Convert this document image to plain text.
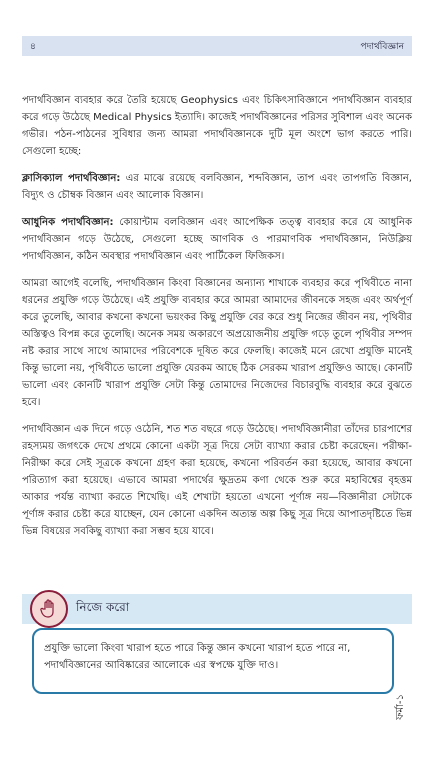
৪	পদার্থবিজ্ঞান

পদার্থবিজ্ঞান ব্যবহার করে তৈরি হয়েছে Geophysics এবং চিকিৎসাবিজ্ঞানে পদার্থবিজ্ঞান ব্যবহার করে গড়ে উঠেছে Medical Physics ইত্যাদি। কাজেই পদার্থবিজ্ঞানের পরিসর সুবিশাল এবং অনেক গভীর। পঠন-পাঠনের সুবিধার জন্য আমরা পদার্থবিজ্ঞানকে দুটি মূল অংশে ভাগ করতে পারি। সেগুলো হচ্ছে:

ক্লাসিক্যাল পদার্থবিজ্ঞান: এর মাঝে রয়েছে বলবিজ্ঞান, শব্দবিজ্ঞান, তাপ এবং তাপগতি বিজ্ঞান, বিদ্যুৎ ও চৌম্বক বিজ্ঞান এবং আলোক বিজ্ঞান।

আধুনিক পদার্থবিজ্ঞান: কোয়ান্টাম বলবিজ্ঞান এবং আপেক্ষিক তত্ত্ব ব্যবহার করে যে আধুনিক পদার্থবিজ্ঞান গড়ে উঠেছে, সেগুলো হচ্ছে আণবিক ও পারমাণবিক পদার্থবিজ্ঞান, নিউক্লিয় পদার্থবিজ্ঞান, কঠিন অবস্থার পদার্থবিজ্ঞান এবং পার্টিকেল ফিজিকস।

আমরা আগেই বলেছি, পদার্থবিজ্ঞান কিংবা বিজ্ঞানের অন্যান্য শাখাকে ব্যবহার করে পৃথিবীতে নানা ধরনের প্রযুক্তি গড়ে উঠেছে। এই প্রযুক্তি ব্যবহার করে আমরা আমাদের জীবনকে সহজ এবং অর্থপূর্ণ করে তুলেছি, আবার কখনো কখনো ভয়ংকর কিছু প্রযুক্তি বের করে শুধু নিজের জীবন নয়, পৃথিবীর অস্তিত্বও বিপন্ন করে তুলেছি। অনেক সময় অকারণে অপ্রয়োজনীয় প্রযুক্তি গড়ে তুলে পৃথিবীর সম্পদ নষ্ট করার সাথে সাথে আমাদের পরিবেশকে দূষিত করে ফেলছি। কাজেই মনে রেখো প্রযুক্তি মানেই কিন্তু ভালো নয়, পৃথিবীতে ভালো প্রযুক্তি যেরকম আছে ঠিক সেরকম খারাপ প্রযুক্তিও আছে। কোনটি ভালো এবং কোনটি খারাপ প্রযুক্তি সেটা কিন্তু তোমাদের নিজেদের বিচারবুদ্ধি ব্যবহার করে বুঝতে হবে।

পদার্থবিজ্ঞান এক দিনে গড়ে ওঠেনি, শত শত বছরে গড়ে উঠেছে। পদার্থবিজ্ঞানীরা তাঁদের চারপাশের রহস্যময় জগৎকে দেখে প্রথমে কোনো একটা সূত্র দিয়ে সেটা ব্যাখ্যা করার চেষ্টা করেছেন। পরীক্ষা-নিরীক্ষা করে সেই সূত্রকে কখনো গ্রহণ করা হয়েছে, কখনো পরিবর্তন করা হয়েছে, আবার কখনো পরিত্যাগ করা হয়েছে। এভাবে আমরা পদার্থের ক্ষুদ্রতম কণা থেকে শুরু করে মহাবিশ্বের বৃহত্তম আকার পর্যন্ত ব্যাখ্যা করতে শিখেছি। এই শেখাটা হয়তো এখনো পূর্ণাঙ্গ নয়—বিজ্ঞানীরা সেটাকে পূর্ণাঙ্গ করার চেষ্টা করে যাচ্ছেন, যেন কোনো একদিন অত্যন্ত অল্প কিছু সূত্র দিয়ে আপাতদৃষ্টিতে ভিন্ন ভিন্ন বিষয়ের সবকিছু ব্যাখ্যা করা সম্ভব হয়ে যাবে।

নিজে করো
প্রযুক্তি ভালো কিংবা খারাপ হতে পারে কিন্তু জ্ঞান কখনো খারাপ হতে পারে না, পদার্থবিজ্ঞানের আবিষ্কারের আলোকে এর স্বপক্ষে যুক্তি দাও।
ফর্মা-১
